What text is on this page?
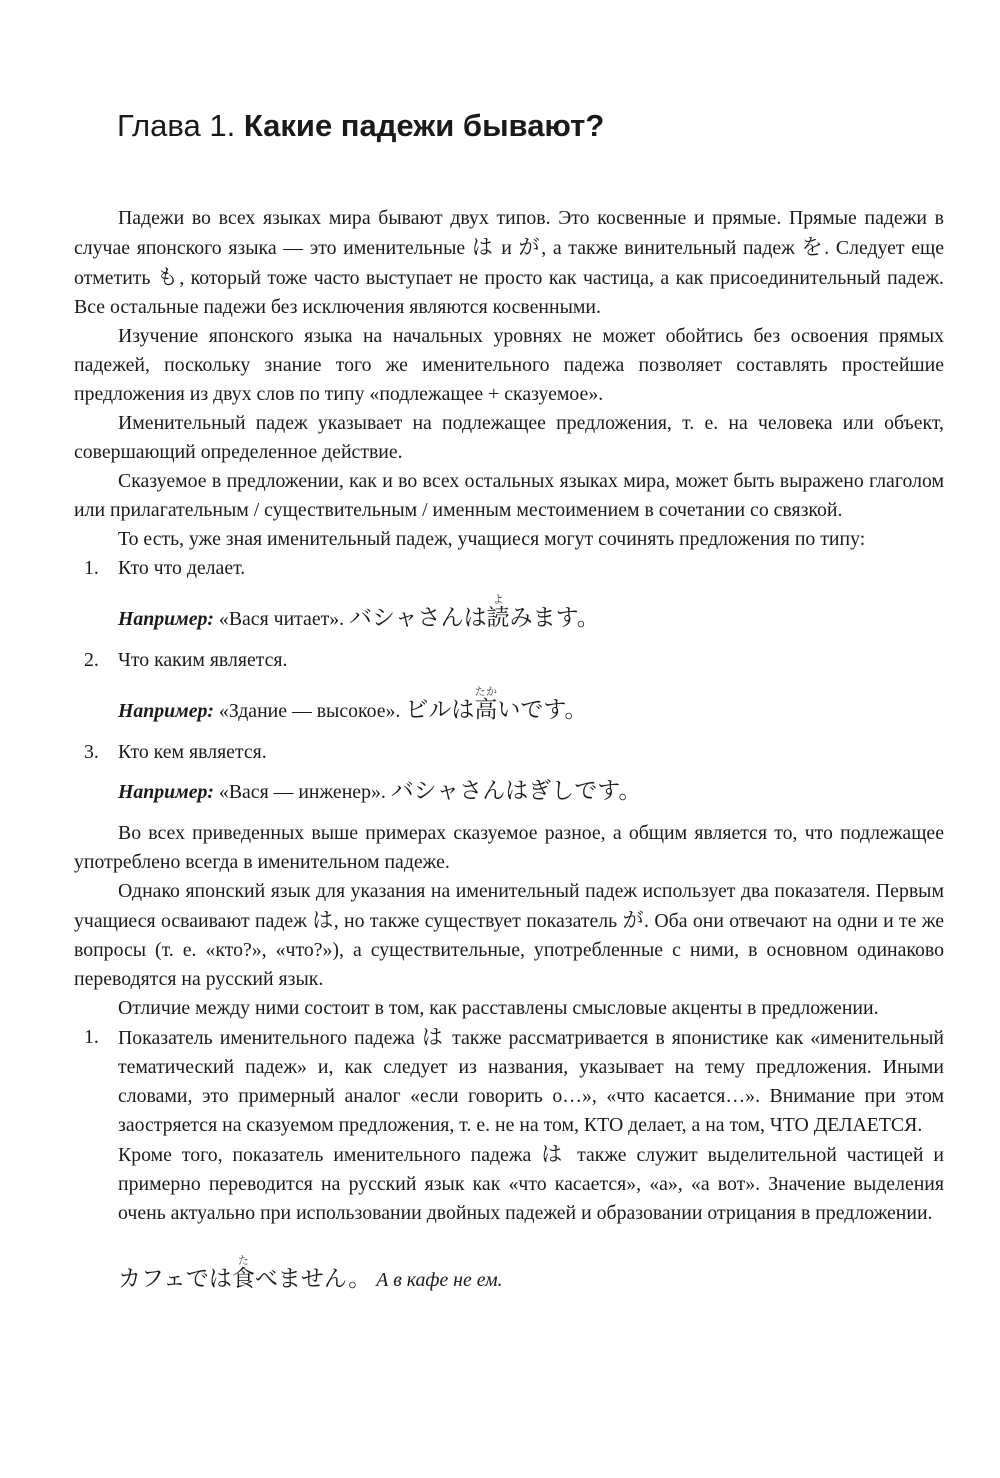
Глава 1. Какие падежи бывают?

Падежи во всех языках мира бывают двух типов. Это косвенные и прямые. Прямые падежи в случае японского языка — это именительные は и が, а также винительный падеж を. Следует еще отметить も, который тоже часто выступает не просто как частица, а как присоединительный падеж. Все остальные падежи без исключения являются косвенными.

Изучение японского языка на начальных уровнях не может обойтись без освоения прямых падежей, поскольку знание того же именительного падежа позволяет составлять простейшие предложения из двух слов по типу «подлежащее + сказуемое».

Именительный падеж указывает на подлежащее предложения, т. е. на человека или объект, совершающий определенное действие.

Сказуемое в предложении, как и во всех остальных языках мира, может быть выражено глаголом или прилагательным / существительным / именным местоимением в сочетании со связкой.

То есть, уже зная именительный падеж, учащиеся могут сочинять предложения по типу:

1. Кто что делает.
Например: «Вася читает». バシャさんは読よみます。
2. Что каким является.
Например: «Здание — высокое». ビルは高たかいです。
3. Кто кем является.
Например: «Вася — инженер». バシャさんはぎしです。

Во всех приведенных выше примерах сказуемое разное, а общим является то, что подлежащее употреблено всегда в именительном падеже.

Однако японский язык для указания на именительный падеж использует два показателя. Первым учащиеся осваивают падеж は, но также существует показатель が. Оба они отвечают на одни и те же вопросы (т. е. «кто?», «что?»), а существительные, употребленные с ними, в основном одинаково переводятся на русский язык.

Отличие между ними состоит в том, как расставлены смысловые акценты в предложении.

1. Показатель именительного падежа は также рассматривается в японистике как «именительный тематический падеж» и, как следует из названия, указывает на тему предложения. Иными словами, это примерный аналог «если говорить о…», «что касается…». Внимание при этом заостряется на сказуемом предложения, т. е. не на том, КТО делает, а на том, ЧТО ДЕЛАЕТСЯ.
Кроме того, показатель именительного падежа は также служит выделительной частицей и примерно переводится на русский язык как «что касается», «а», «а вот». Значение выделения очень актуально при использовании двойных падежей и образовании отрицания в предложении.
カフェでは食たべません。 А в кафе не ем.
